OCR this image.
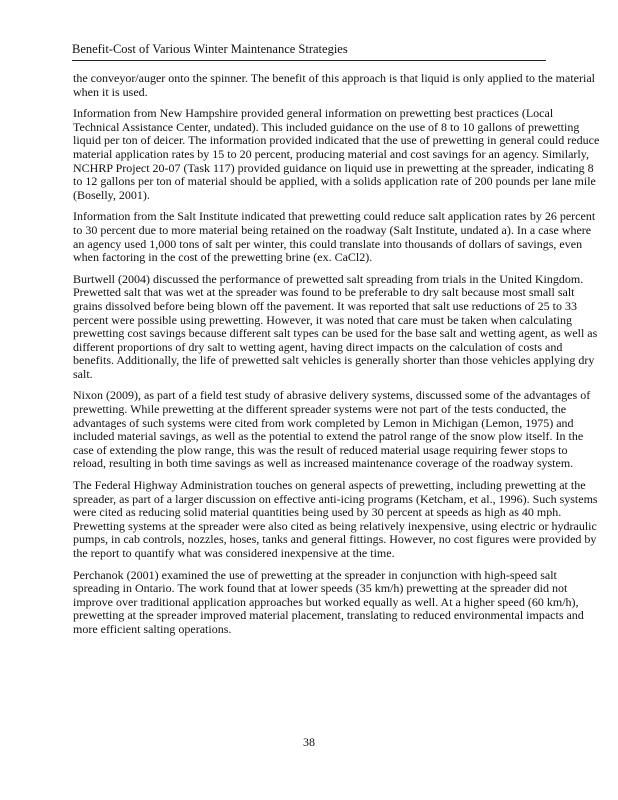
Benefit-Cost of Various Winter Maintenance Strategies

the conveyor/auger onto the spinner. The benefit of this approach is that liquid is only applied to the material when it is used.

Information from New Hampshire provided general information on prewetting best practices (Local Technical Assistance Center, undated). This included guidance on the use of 8 to 10 gallons of prewetting liquid per ton of deicer. The information provided indicated that the use of prewetting in general could reduce material application rates by 15 to 20 percent, producing material and cost savings for an agency. Similarly, NCHRP Project 20-07 (Task 117) provided guidance on liquid use in prewetting at the spreader, indicating 8 to 12 gallons per ton of material should be applied, with a solids application rate of 200 pounds per lane mile (Boselly, 2001).

Information from the Salt Institute indicated that prewetting could reduce salt application rates by 26 percent to 30 percent due to more material being retained on the roadway (Salt Institute, undated a). In a case where an agency used 1,000 tons of salt per winter, this could translate into thousands of dollars of savings, even when factoring in the cost of the prewetting brine (ex. CaCl2).

Burtwell (2004) discussed the performance of prewetted salt spreading from trials in the United Kingdom. Prewetted salt that was wet at the spreader was found to be preferable to dry salt because most small salt grains dissolved before being blown off the pavement. It was reported that salt use reductions of 25 to 33 percent were possible using prewetting. However, it was noted that care must be taken when calculating prewetting cost savings because different salt types can be used for the base salt and wetting agent, as well as different proportions of dry salt to wetting agent, having direct impacts on the calculation of costs and benefits. Additionally, the life of prewetted salt vehicles is generally shorter than those vehicles applying dry salt.

Nixon (2009), as part of a field test study of abrasive delivery systems, discussed some of the advantages of prewetting. While prewetting at the different spreader systems were not part of the tests conducted, the advantages of such systems were cited from work completed by Lemon in Michigan (Lemon, 1975) and included material savings, as well as the potential to extend the patrol range of the snow plow itself. In the case of extending the plow range, this was the result of reduced material usage requiring fewer stops to reload, resulting in both time savings as well as increased maintenance coverage of the roadway system.

The Federal Highway Administration touches on general aspects of prewetting, including prewetting at the spreader, as part of a larger discussion on effective anti-icing programs (Ketcham, et al., 1996). Such systems were cited as reducing solid material quantities being used by 30 percent at speeds as high as 40 mph. Prewetting systems at the spreader were also cited as being relatively inexpensive, using electric or hydraulic pumps, in cab controls, nozzles, hoses, tanks and general fittings. However, no cost figures were provided by the report to quantify what was considered inexpensive at the time.

Perchanok (2001) examined the use of prewetting at the spreader in conjunction with high-speed salt spreading in Ontario. The work found that at lower speeds (35 km/h) prewetting at the spreader did not improve over traditional application approaches but worked equally as well. At a higher speed (60 km/h), prewetting at the spreader improved material placement, translating to reduced environmental impacts and more efficient salting operations.

38
